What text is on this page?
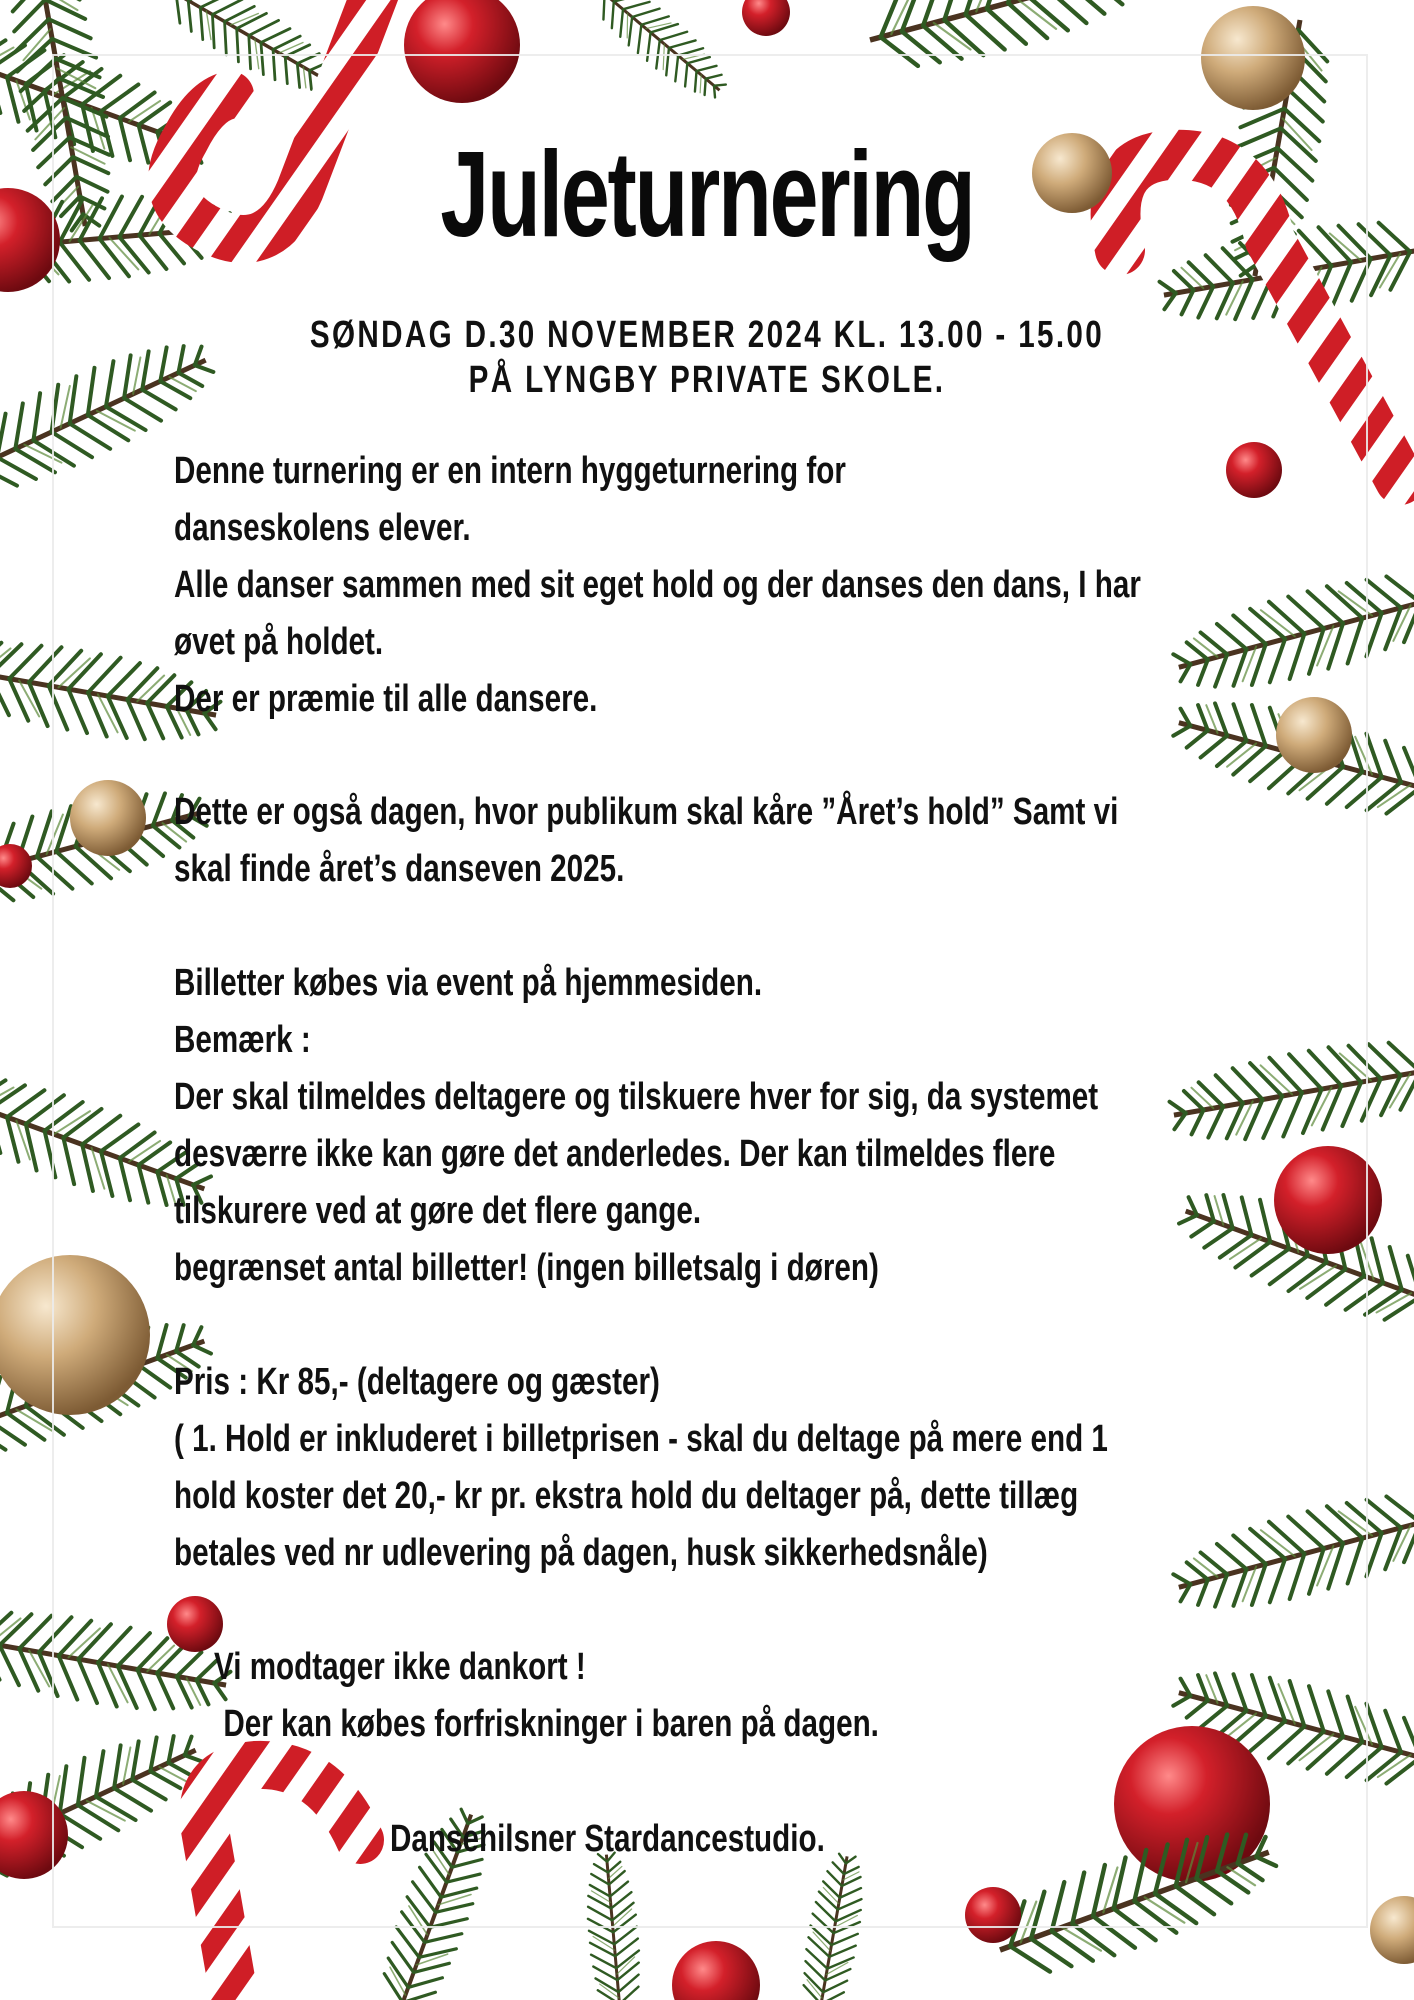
Juleturnering
SØNDAG D.30 NOVEMBER 2024 KL. 13.00 - 15.00
PÅ LYNGBY PRIVATE SKOLE.
Denne turnering er en intern hyggeturnering for
danseskolens elever.
Alle danser sammen med sit eget hold og der danses den dans, I har
øvet på holdet.
Der er præmie til alle dansere.
Dette er også dagen, hvor publikum skal kåre ”Året’s hold” Samt vi
skal finde året’s danseven 2025.
Billetter købes via event på hjemmesiden.
Bemærk :
Der skal tilmeldes deltagere og tilskuere hver for sig, da systemet
desværre ikke kan gøre det anderledes. Der kan tilmeldes flere
tilskurere ved at gøre det flere gange.
begrænset antal billetter! (ingen billetsalg i døren)
Pris : Kr 85,- (deltagere og gæster)
( 1. Hold er inkluderet i billetprisen - skal du deltage på mere end 1
hold koster det 20,- kr pr. ekstra hold du deltager på, dette tillæg
betales ved nr udlevering på dagen, husk sikkerhedsnåle)
Vi modtager ikke dankort !
Der kan købes forfriskninger i baren på dagen.
Dansehilsner Stardancestudio.
